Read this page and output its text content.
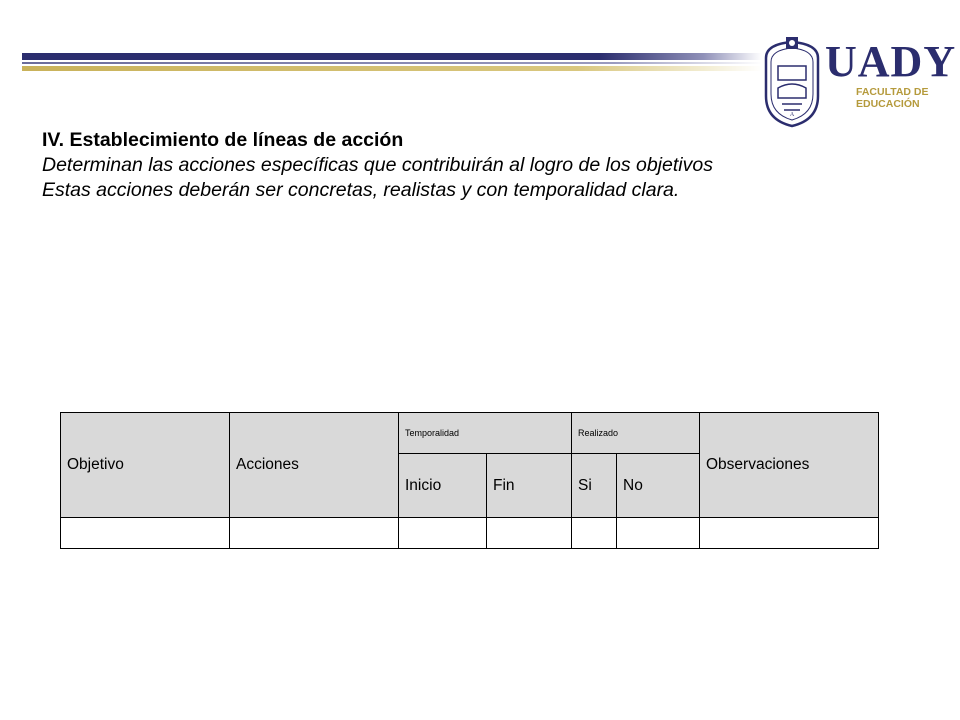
A
UADY
FACULTAD DE
EDUCACIÓN
IV. Establecimiento de líneas de acción
Determinan las acciones específicas que contribuirán al logro de los objetivos
Estas acciones deberán ser concretas, realistas y con temporalidad clara.
Objetivo	Acciones	Temporalidad		Realizado		Observaciones
		Inicio	Fin	Si	No	
